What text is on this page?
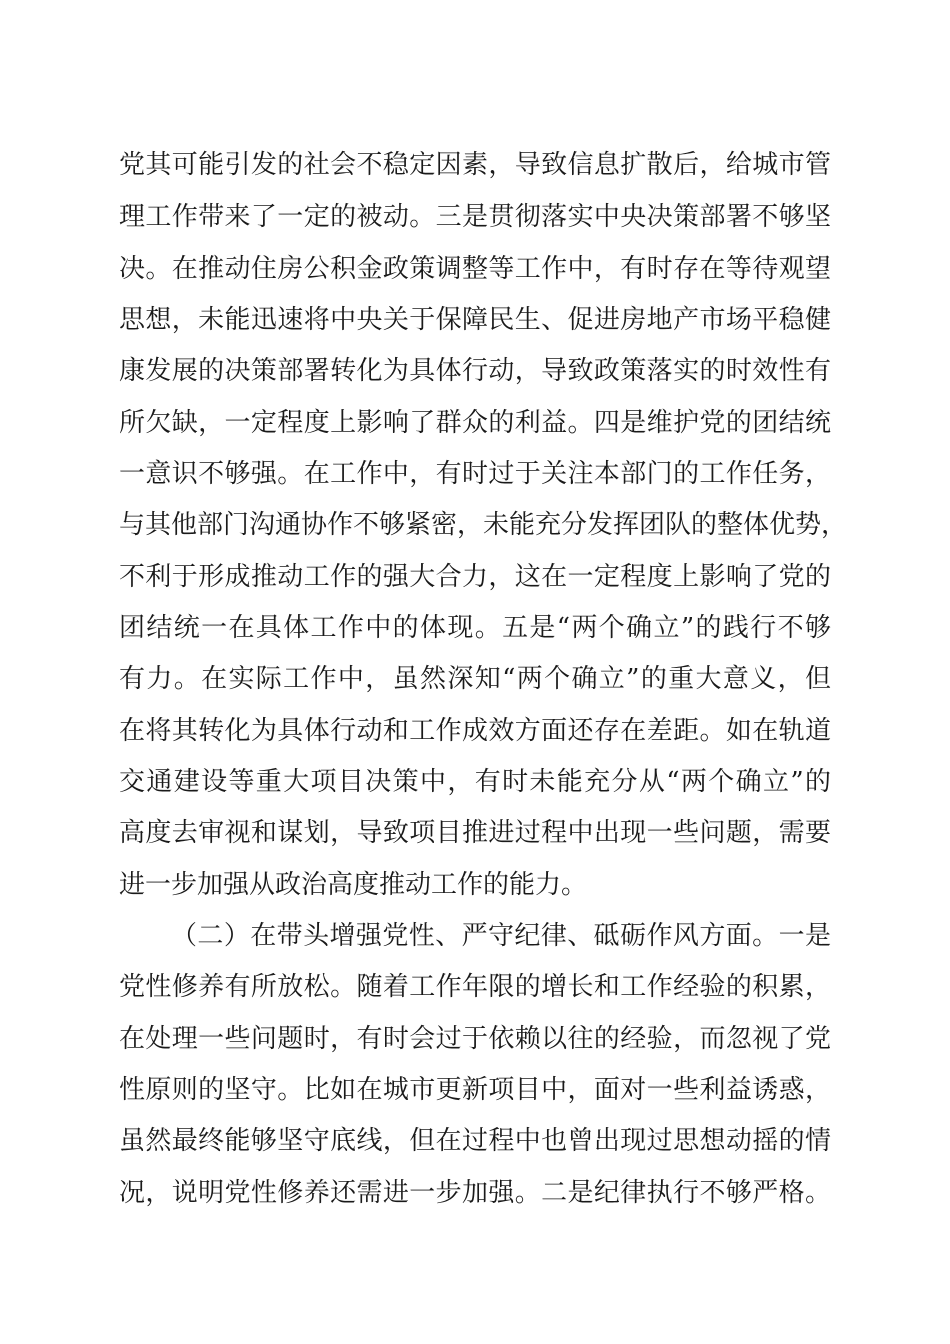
党其可能引发的社会不稳定因素，导致信息扩散后，给城市管
理工作带来了一定的被动。三是贯彻落实中央决策部署不够坚
决。在推动住房公积金政策调整等工作中，有时存在等待观望
思想，未能迅速将中央关于保障民生、促进房地产市场平稳健
康发展的决策部署转化为具体行动，导致政策落实的时效性有
所欠缺，一定程度上影响了群众的利益。四是维护党的团结统
一意识不够强。在工作中，有时过于关注本部门的工作任务，
与其他部门沟通协作不够紧密，未能充分发挥团队的整体优势，
不利于形成推动工作的强大合力，这在一定程度上影响了党的
团结统一在具体工作中的体现。五是“两个确立”的践行不够
有力。在实际工作中，虽然深知“两个确立”的重大意义，但
在将其转化为具体行动和工作成效方面还存在差距。如在轨道
交通建设等重大项目决策中，有时未能充分从“两个确立”的
高度去审视和谋划，导致项目推进过程中出现一些问题，需要
进一步加强从政治高度推动工作的能力。
（二）在带头增强党性、严守纪律、砥砺作风方面。一是
党性修养有所放松。随着工作年限的增长和工作经验的积累，
在处理一些问题时，有时会过于依赖以往的经验，而忽视了党
性原则的坚守。比如在城市更新项目中，面对一些利益诱惑，
虽然最终能够坚守底线，但在过程中也曾出现过思想动摇的情
况，说明党性修养还需进一步加强。二是纪律执行不够严格。
